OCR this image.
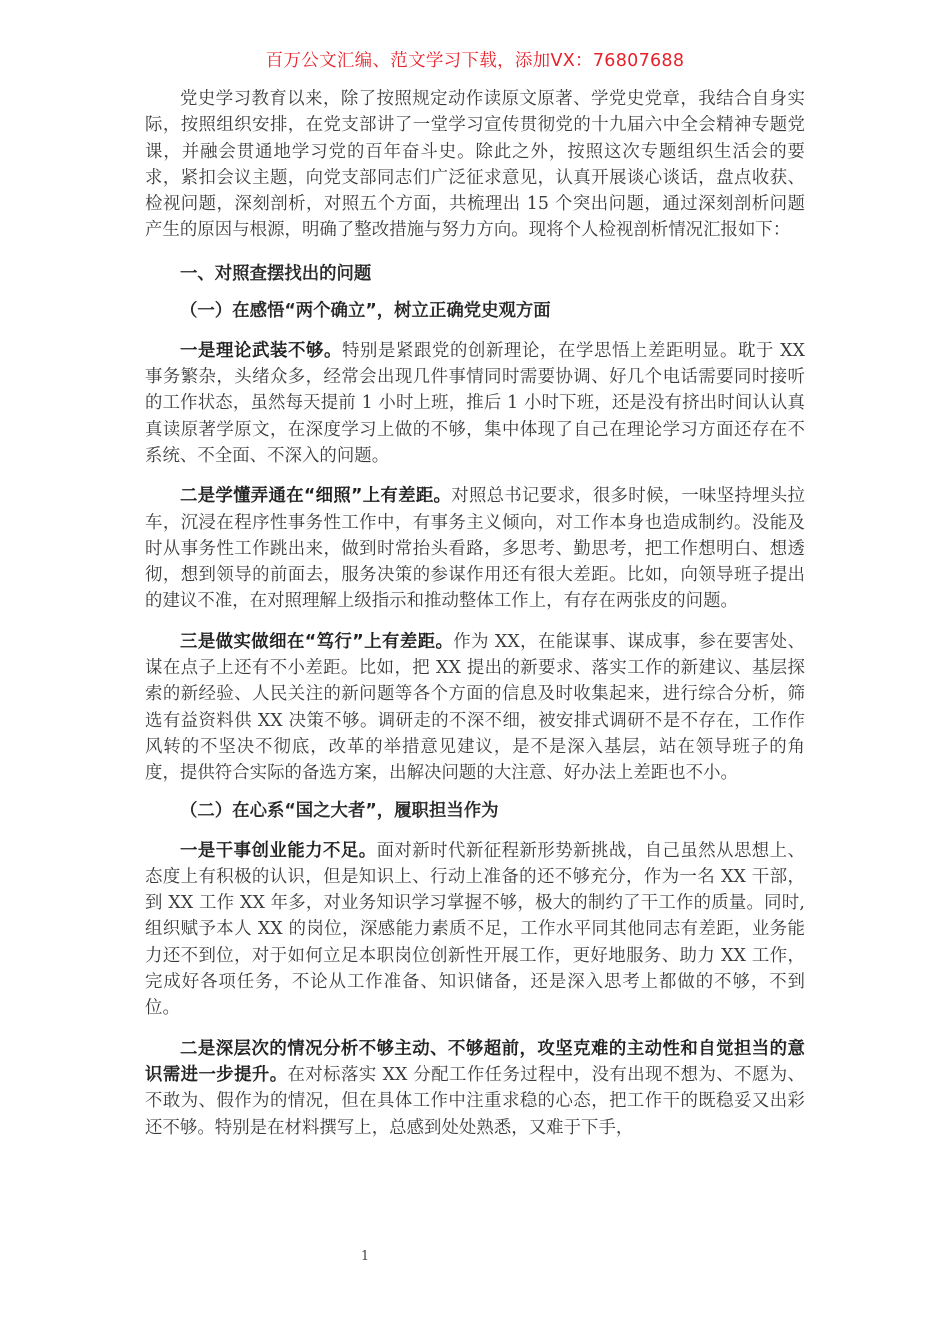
百万公文汇编、范文学习下载，添加VX：76807688

党史学习教育以来，除了按照规定动作读原文原著、学党史党章，我结合自身实际，按照组织安排，在党支部讲了一堂学习宣传贯彻党的十九届六中全会精神专题党课，并融会贯通地学习党的百年奋斗史。除此之外，按照这次专题组织生活会的要求，紧扣会议主题，向党支部同志们广泛征求意见，认真开展谈心谈话，盘点收获、检视问题，深刻剖析，对照五个方面，共梳理出 15 个突出问题，通过深刻剖析问题产生的原因与根源，明确了整改措施与努力方向。现将个人检视剖析情况汇报如下：

一、对照查摆找出的问题

（一）在感悟“两个确立”，树立正确党史观方面

一是理论武装不够。特别是紧跟党的创新理论，在学思悟上差距明显。耽于 XX 事务繁杂，头绪众多，经常会出现几件事情同时需要协调、好几个电话需要同时接听的工作状态，虽然每天提前 1 小时上班，推后 1 小时下班，还是没有挤出时间认认真真读原著学原文，在深度学习上做的不够，集中体现了自己在理论学习方面还存在不系统、不全面、不深入的问题。

二是学懂弄通在“细照”上有差距。对照总书记要求，很多时候，一味坚持埋头拉车，沉浸在程序性事务性工作中，有事务主义倾向，对工作本身也造成制约。没能及时从事务性工作跳出来，做到时常抬头看路，多思考、勤思考，把工作想明白、想透彻，想到领导的前面去，服务决策的参谋作用还有很大差距。比如，向领导班子提出的建议不准，在对照理解上级指示和推动整体工作上，有存在两张皮的问题。

三是做实做细在“笃行”上有差距。作为 XX，在能谋事、谋成事，参在要害处、谋在点子上还有不小差距。比如，把 XX 提出的新要求、落实工作的新建议、基层探索的新经验、人民关注的新问题等各个方面的信息及时收集起来，进行综合分析，筛选有益资料供 XX 决策不够。调研走的不深不细，被安排式调研不是不存在，工作作风转的不坚决不彻底，改革的举措意见建议，是不是深入基层，站在领导班子的角度，提供符合实际的备选方案，出解决问题的大注意、好办法上差距也不小。

（二）在心系“国之大者”，履职担当作为

一是干事创业能力不足。面对新时代新征程新形势新挑战，自己虽然从思想上、态度上有积极的认识，但是知识上、行动上准备的还不够充分，作为一名 XX 干部，到 XX 工作 XX 年多，对业务知识学习掌握不够，极大的制约了干工作的质量。同时,组织赋予本人 XX 的岗位，深感能力素质不足，工作水平同其他同志有差距，业务能力还不到位，对于如何立足本职岗位创新性开展工作，更好地服务、助力 XX 工作，完成好各项任务，不论从工作准备、知识储备，还是深入思考上都做的不够，不到位。

二是深层次的情况分析不够主动、不够超前，攻坚克难的主动性和自觉担当的意识需进一步提升。在对标落实 XX 分配工作任务过程中，没有出现不想为、不愿为、不敢为、假作为的情况，但在具体工作中注重求稳的心态，把工作干的既稳妥又出彩还不够。特别是在材料撰写上，总感到处处熟悉，又难于下手，

1
